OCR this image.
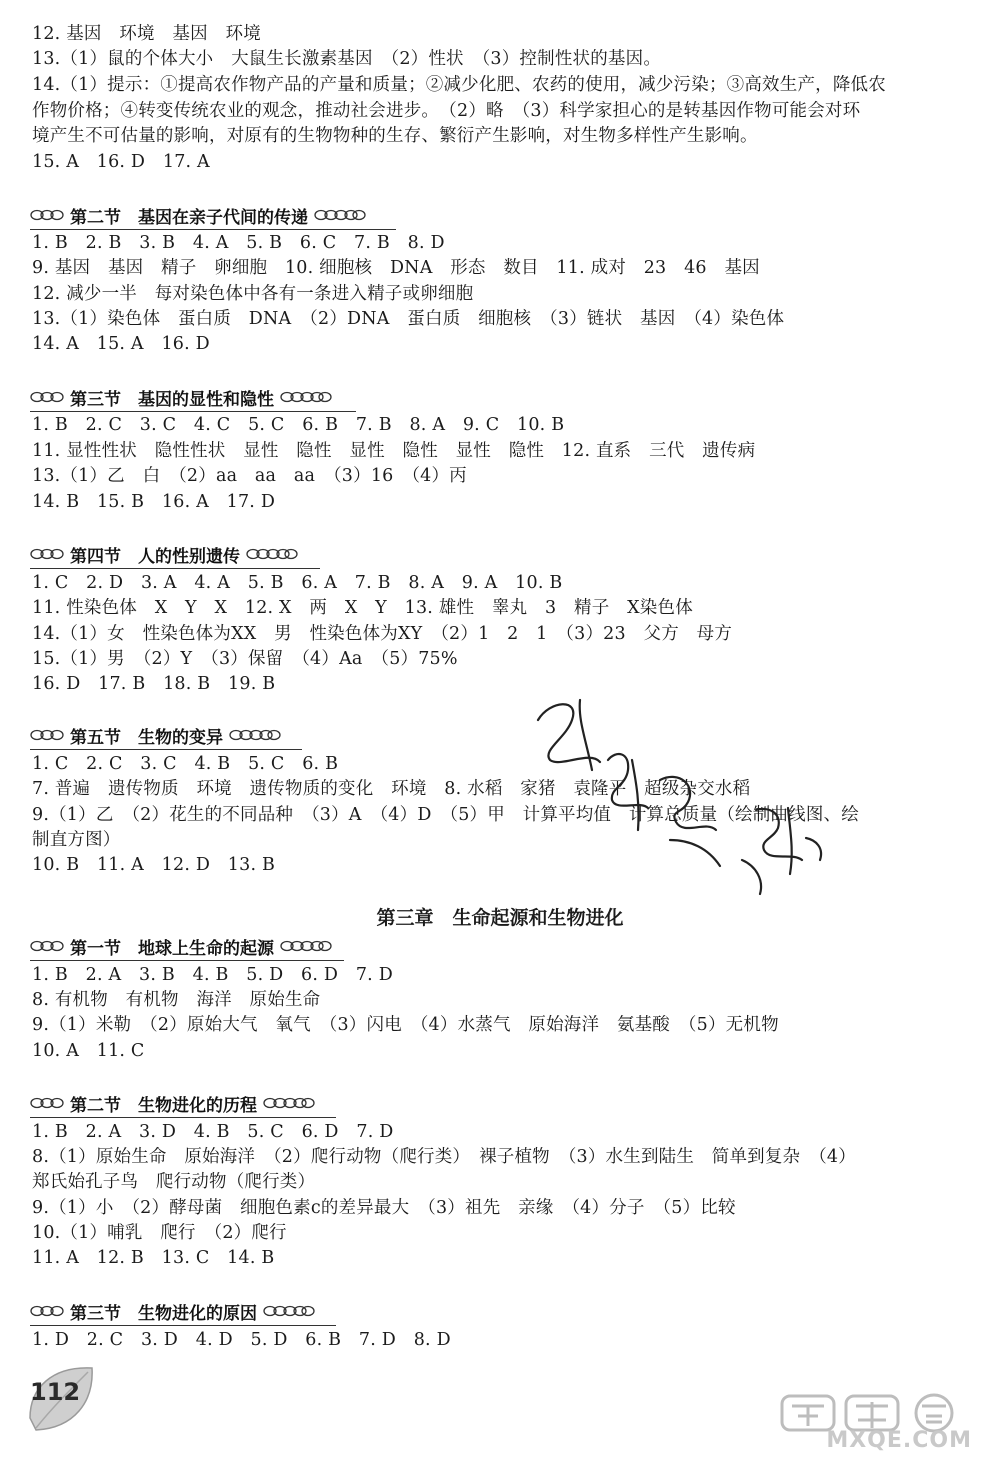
12. 基因　环境　基因　环境
13.（1）鼠的个体大小　大鼠生长激素基因　（2）性状　（3）控制性状的基因。
14.（1）提示：①提高农作物产品的产量和质量；②减少化肥、农药的使用，减少污染；③高效生产，降低农
作物价格；④转变传统农业的观念，推动社会进步。　（2）略　（3）科学家担心的是转基因作物可能会对环
境产生不可估量的影响，对原有的生物物种的生存、繁衍产生影响，对生物多样性产生影响。
15. A　16. D　17. A
第二节　基因在亲子代间的传递
1. B　2. B　3. B　4. A　5. B　6. C　7. B　8. D
9. 基因　基因　精子　卵细胞　10. 细胞核　DNA　形态　数目　11. 成对　23　46　基因
12. 减少一半　每对染色体中各有一条进入精子或卵细胞
13.（1）染色体　蛋白质　DNA　（2）DNA　蛋白质　细胞核　（3）链状　基因　（4）染色体
14. A　15. A　16. D
第三节　基因的显性和隐性
1. B　2. C　3. C　4. C　5. C　6. B　7. B　8. A　9. C　10. B
11. 显性性状　隐性性状　显性　隐性　显性　隐性　显性　隐性　12. 直系　三代　遗传病
13.（1）乙　白　（2）aa　aa　aa　（3）16　（4）丙
14. B　15. B　16. A　17. D
第四节　人的性别遗传
1. C　2. D　3. A　4. A　5. B　6. A　7. B　8. A　9. A　10. B
11. 性染色体　X　Y　X　12. X　两　X　Y　13. 雄性　睾丸　3　精子　X染色体
14.（1）女　性染色体为XX　男　性染色体为XY　（2）1　2　1　（3）23　父方　母方
15.（1）男　（2）Y　（3）保留　（4）Aa　（5）75%
16. D　17. B　18. B　19. B
第五节　生物的变异
1. C　2. C　3. C　4. B　5. C　6. B
7. 普遍　遗传物质　环境　遗传物质的变化　环境　8. 水稻　家猪　袁隆平　超级杂交水稻
9.（1）乙　（2）花生的不同品种　（3）A　（4）D　（5）甲　计算平均值　计算总质量（绘制曲线图、绘
制直方图）
10. B　11. A　12. D　13. B
第三章　生命起源和生物进化
第一节　地球上生命的起源
1. B　2. A　3. B　4. B　5. D　6. D　7. D
8. 有机物　有机物　海洋　原始生命
9.（1）米勒　（2）原始大气　氧气　（3）闪电　（4）水蒸气　原始海洋　氨基酸　（5）无机物
10. A　11. C
第二节　生物进化的历程
1. B　2. A　3. D　4. B　5. C　6. D　7. D
8.（1）原始生命　原始海洋　（2）爬行动物（爬行类）　裸子植物　（3）水生到陆生　简单到复杂　（4）
郑氏始孔子鸟　爬行动物（爬行类）
9.（1）小　（2）酵母菌　细胞色素c的差异最大　（3）祖先　亲缘　（4）分子　（5）比较
10.（1）哺乳　爬行　（2）爬行
11. A　12. B　13. C　14. B
第三节　生物进化的原因
1. D　2. C　3. D　4. D　5. D　6. B　7. D　8. D
112
MXQE.COM
